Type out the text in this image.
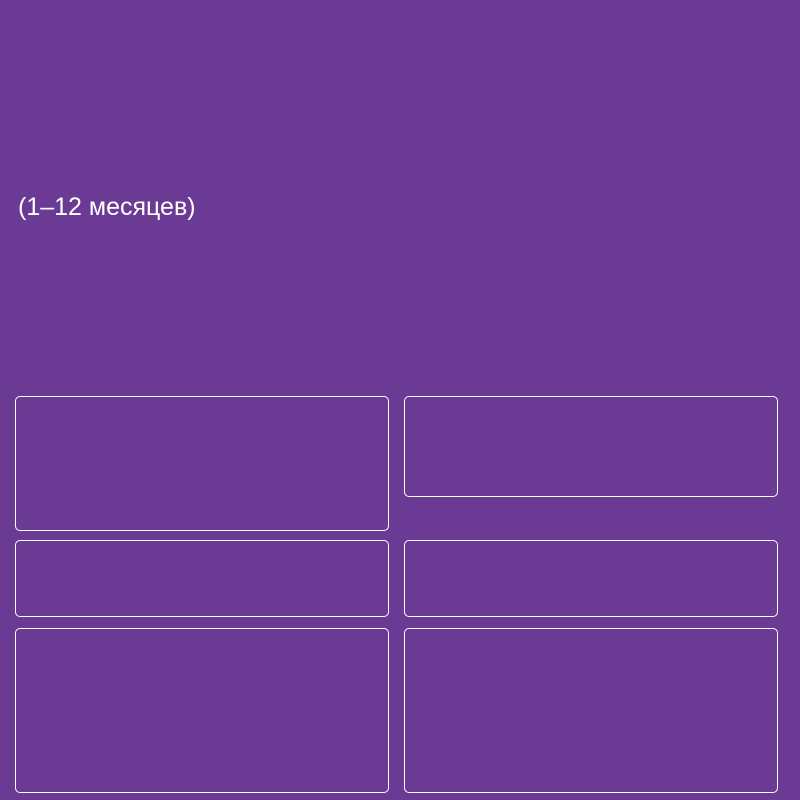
(1–12 месяцев)
